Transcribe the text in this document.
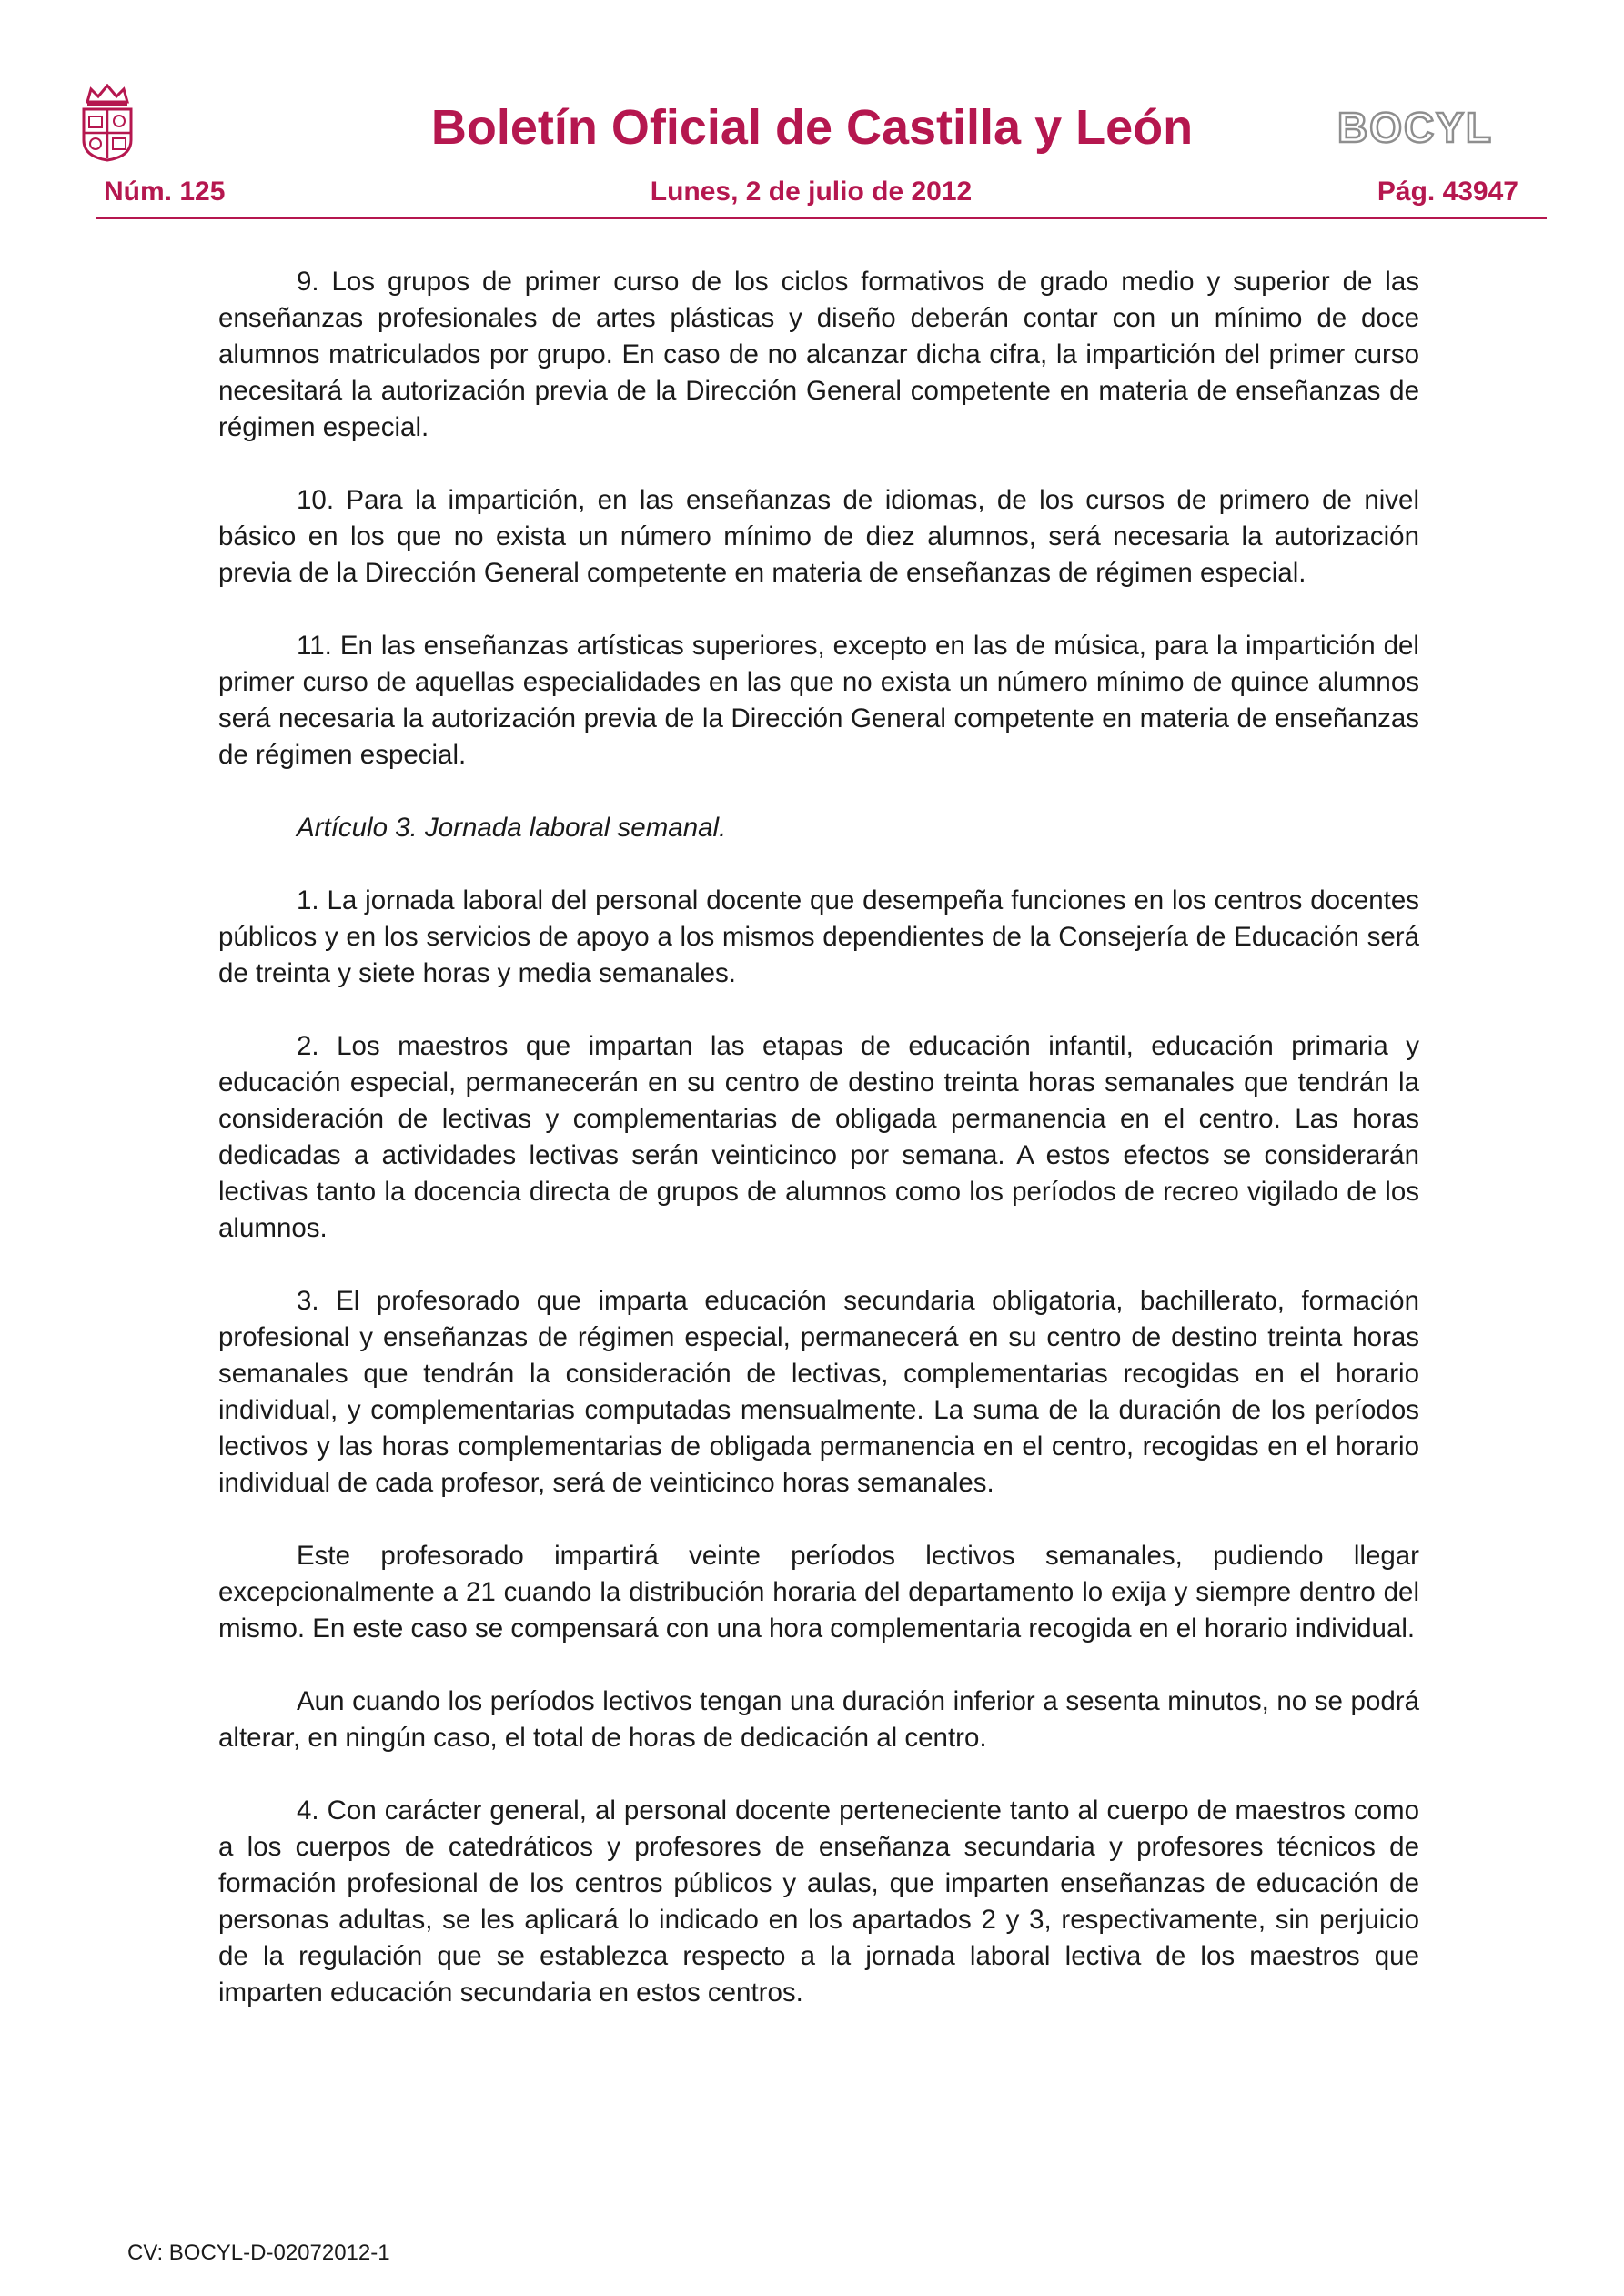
Boletín Oficial de Castilla y León	BOCYL
Lunes, 2 de julio de 2012
Núm. 125	Pág. 43947

9. Los grupos de primer curso de los ciclos formativos de grado medio y superior de las enseñanzas profesionales de artes plásticas y diseño deberán contar con un mínimo de doce alumnos matriculados por grupo. En caso de no alcanzar dicha cifra, la impartición del primer curso necesitará la autorización previa de la Dirección General competente en materia de enseñanzas de régimen especial.

10. Para la impartición, en las enseñanzas de idiomas, de los cursos de primero de nivel básico en los que no exista un número mínimo de diez alumnos, será necesaria la autorización previa de la Dirección General competente en materia de enseñanzas de régimen especial.

11. En las enseñanzas artísticas superiores, excepto en las de música, para la impartición del primer curso de aquellas especialidades en las que no exista un número mínimo de quince alumnos será necesaria la autorización previa de la Dirección General competente en materia de enseñanzas de régimen especial.

Artículo 3. Jornada laboral semanal.

1. La jornada laboral del personal docente que desempeña funciones en los centros docentes públicos y en los servicios de apoyo a los mismos dependientes de la Consejería de Educación será de treinta y siete horas y media semanales.

2. Los maestros que impartan las etapas de educación infantil, educación primaria y educación especial, permanecerán en su centro de destino treinta horas semanales que tendrán la consideración de lectivas y complementarias de obligada permanencia en el centro. Las horas dedicadas a actividades lectivas serán veinticinco por semana. A estos efectos se considerarán lectivas tanto la docencia directa de grupos de alumnos como los períodos de recreo vigilado de los alumnos.

3. El profesorado que imparta educación secundaria obligatoria, bachillerato, formación profesional y enseñanzas de régimen especial, permanecerá en su centro de destino treinta horas semanales que tendrán la consideración de lectivas, complementarias recogidas en el horario individual, y complementarias computadas mensualmente. La suma de la duración de los períodos lectivos y las horas complementarias de obligada permanencia en el centro, recogidas en el horario individual de cada profesor, será de veinticinco horas semanales.

Este profesorado impartirá veinte períodos lectivos semanales, pudiendo llegar excepcionalmente a 21 cuando la distribución horaria del departamento lo exija y siempre dentro del mismo. En este caso se compensará con una hora complementaria recogida en el horario individual.

Aun cuando los períodos lectivos tengan una duración inferior a sesenta minutos, no se podrá alterar, en ningún caso, el total de horas de dedicación al centro.

4. Con carácter general, al personal docente perteneciente tanto al cuerpo de maestros como a los cuerpos de catedráticos y profesores de enseñanza secundaria y profesores técnicos de formación profesional de los centros públicos y aulas, que imparten enseñanzas de educación de personas adultas, se les aplicará lo indicado en los apartados 2 y 3, respectivamente, sin perjuicio de la regulación que se establezca respecto a la jornada laboral lectiva de los maestros que imparten educación secundaria en estos centros.

CV: BOCYL-D-02072012-1
